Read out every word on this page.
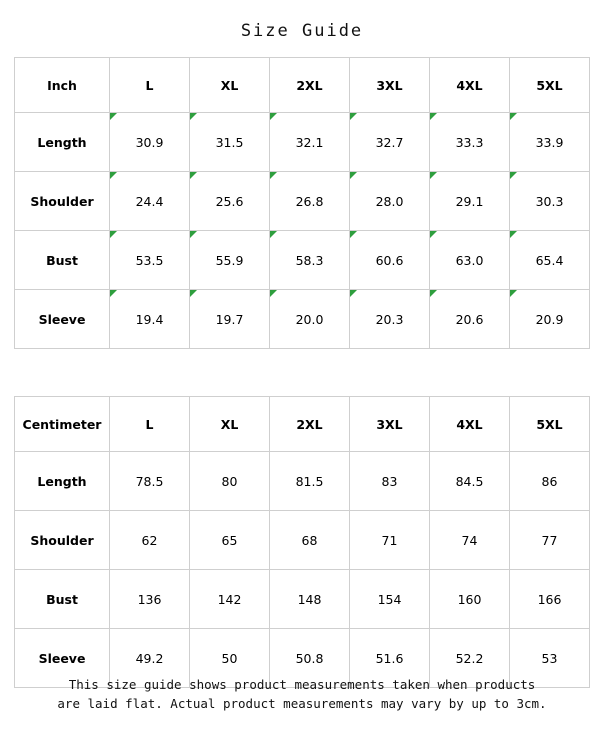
Size Guide
Inch	L	XL	2XL	3XL	4XL	5XL
Length	30.9	31.5	32.1	32.7	33.3	33.9
Shoulder	24.4	25.6	26.8	28.0	29.1	30.3
Bust	53.5	55.9	58.3	60.6	63.0	65.4
Sleeve	19.4	19.7	20.0	20.3	20.6	20.9
Centimeter	L	XL	2XL	3XL	4XL	5XL
Length	78.5	80	81.5	83	84.5	86
Shoulder	62	65	68	71	74	77
Bust	136	142	148	154	160	166
Sleeve	49.2	50	50.8	51.6	52.2	53
This size guide shows product measurements taken when products
are laid flat. Actual product measurements may vary by up to 3cm.
